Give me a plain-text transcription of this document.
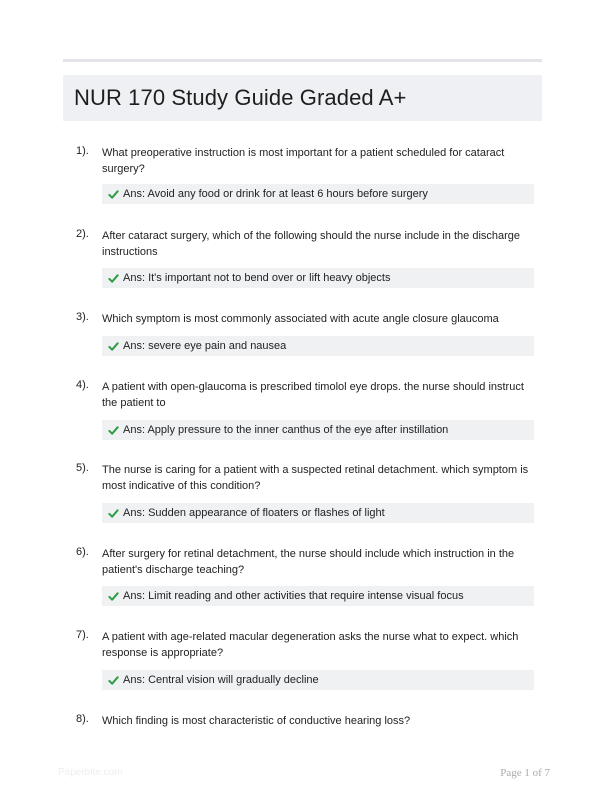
NUR 170 Study Guide Graded A+
1). What preoperative instruction is most important for a patient scheduled for cataract surgery?
Ans: Avoid any food or drink for at least 6 hours before surgery
2). After cataract surgery, which of the following should the nurse include in the discharge instructions
Ans: It's important not to bend over or lift heavy objects
3). Which symptom is most commonly associated with acute angle closure glaucoma
Ans: severe eye pain and nausea
4). A patient with open-glaucoma is prescribed timolol eye drops. the nurse should instruct the patient to
Ans: Apply pressure to the inner canthus of the eye after instillation
5). The nurse is caring for a patient with a suspected retinal detachment. which symptom is most indicative of this condition?
Ans: Sudden appearance of floaters or flashes of light
6). After surgery for retinal detachment, the nurse should include which instruction in the patient's discharge teaching?
Ans: Limit reading and other activities that require intense visual focus
7). A patient with age-related macular degeneration asks the nurse what to expect. which response is appropriate?
Ans: Central vision will gradually decline
8). Which finding is most characteristic of conductive hearing loss?
Paperbite.com	Page 1 of 7
